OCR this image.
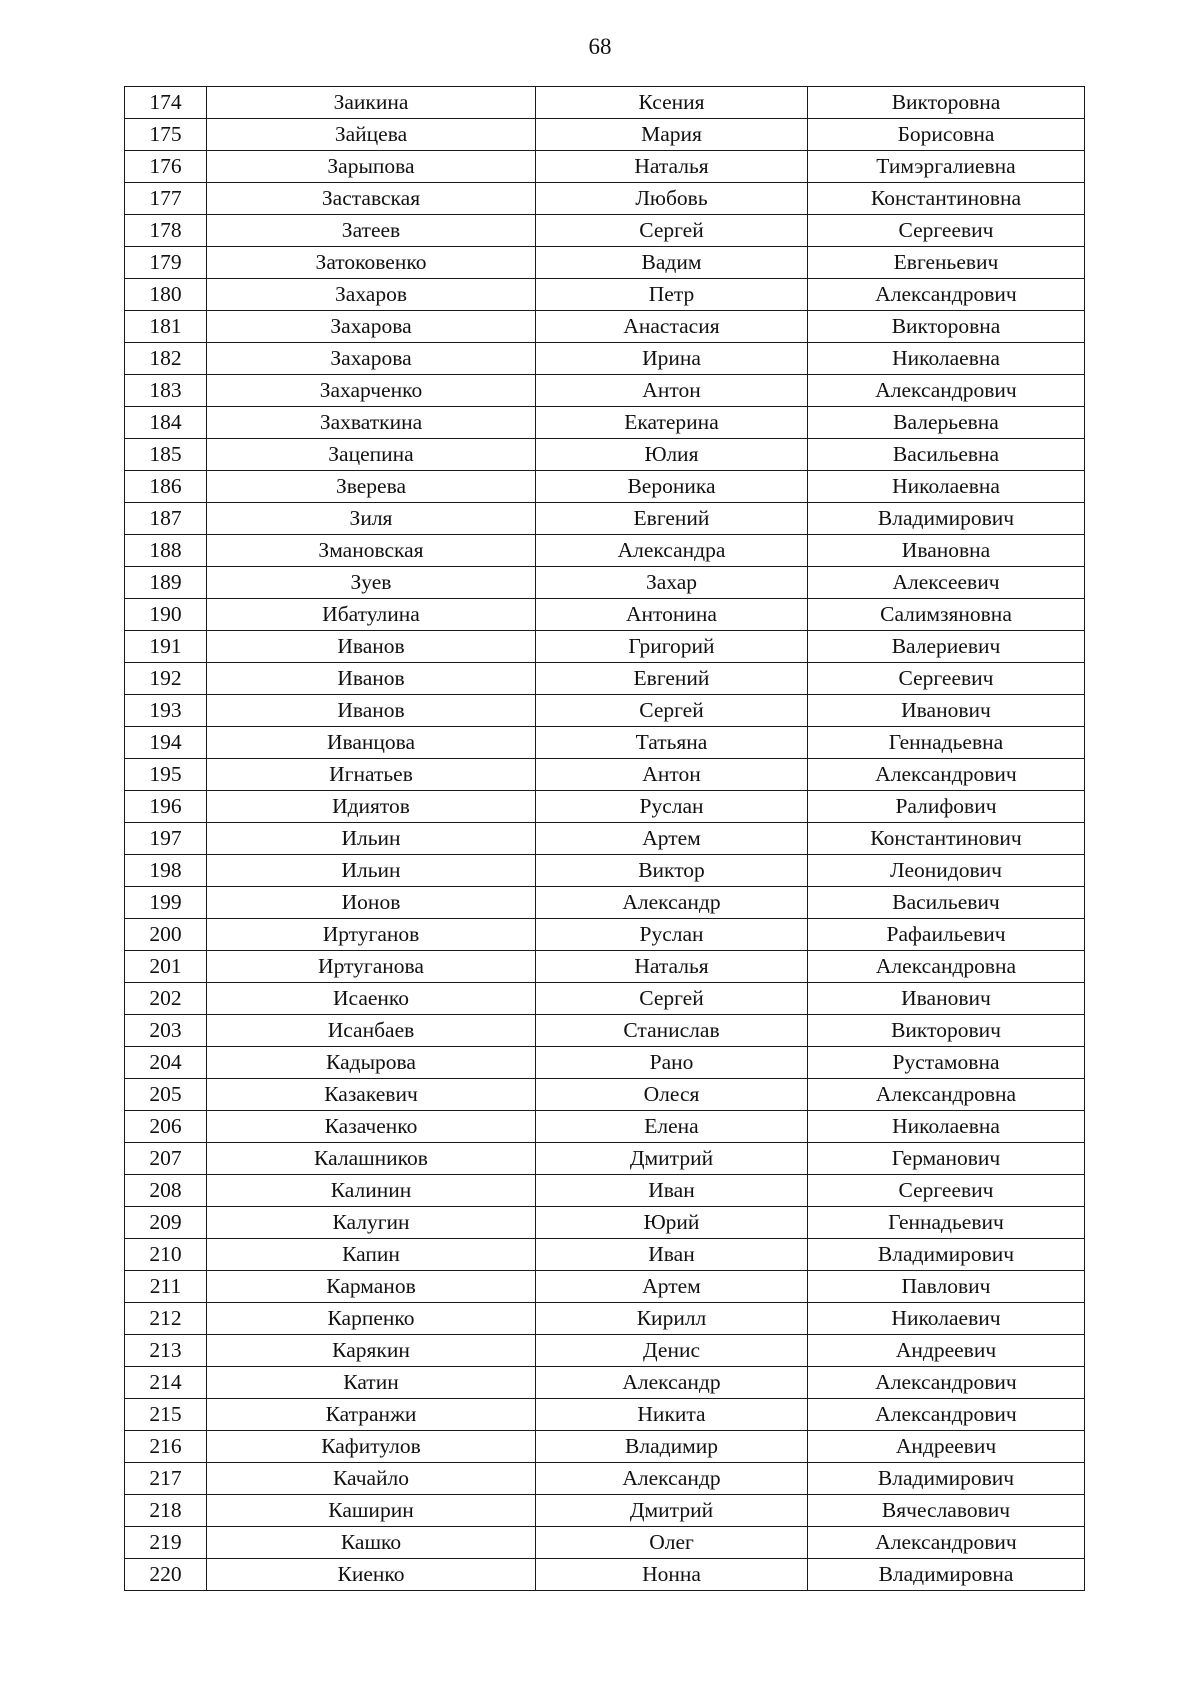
68
174	Заикина	Ксения	Викторовна
175	Зайцева	Мария	Борисовна
176	Зарыпова	Наталья	Тимэргалиевна
177	Заставская	Любовь	Константиновна
178	Затеев	Сергей	Сергеевич
179	Затоковенко	Вадим	Евгеньевич
180	Захаров	Петр	Александрович
181	Захарова	Анастасия	Викторовна
182	Захарова	Ирина	Николаевна
183	Захарченко	Антон	Александрович
184	Захваткина	Екатерина	Валерьевна
185	Зацепина	Юлия	Васильевна
186	Зверева	Вероника	Николаевна
187	Зиля	Евгений	Владимирович
188	Змановская	Александра	Ивановна
189	Зуев	Захар	Алексеевич
190	Ибатулина	Антонина	Салимзяновна
191	Иванов	Григорий	Валериевич
192	Иванов	Евгений	Сергеевич
193	Иванов	Сергей	Иванович
194	Иванцова	Татьяна	Геннадьевна
195	Игнатьев	Антон	Александрович
196	Идиятов	Руслан	Ралифович
197	Ильин	Артем	Константинович
198	Ильин	Виктор	Леонидович
199	Ионов	Александр	Васильевич
200	Иртуганов	Руслан	Рафаильевич
201	Иртуганова	Наталья	Александровна
202	Исаенко	Сергей	Иванович
203	Исанбаев	Станислав	Викторович
204	Кадырова	Рано	Рустамовна
205	Казакевич	Олеся	Александровна
206	Казаченко	Елена	Николаевна
207	Калашников	Дмитрий	Германович
208	Калинин	Иван	Сергеевич
209	Калугин	Юрий	Геннадьевич
210	Капин	Иван	Владимирович
211	Карманов	Артем	Павлович
212	Карпенко	Кирилл	Николаевич
213	Карякин	Денис	Андреевич
214	Катин	Александр	Александрович
215	Катранжи	Никита	Александрович
216	Кафитулов	Владимир	Андреевич
217	Качайло	Александр	Владимирович
218	Каширин	Дмитрий	Вячеславович
219	Кашко	Олег	Александрович
220	Киенко	Нонна	Владимировна
